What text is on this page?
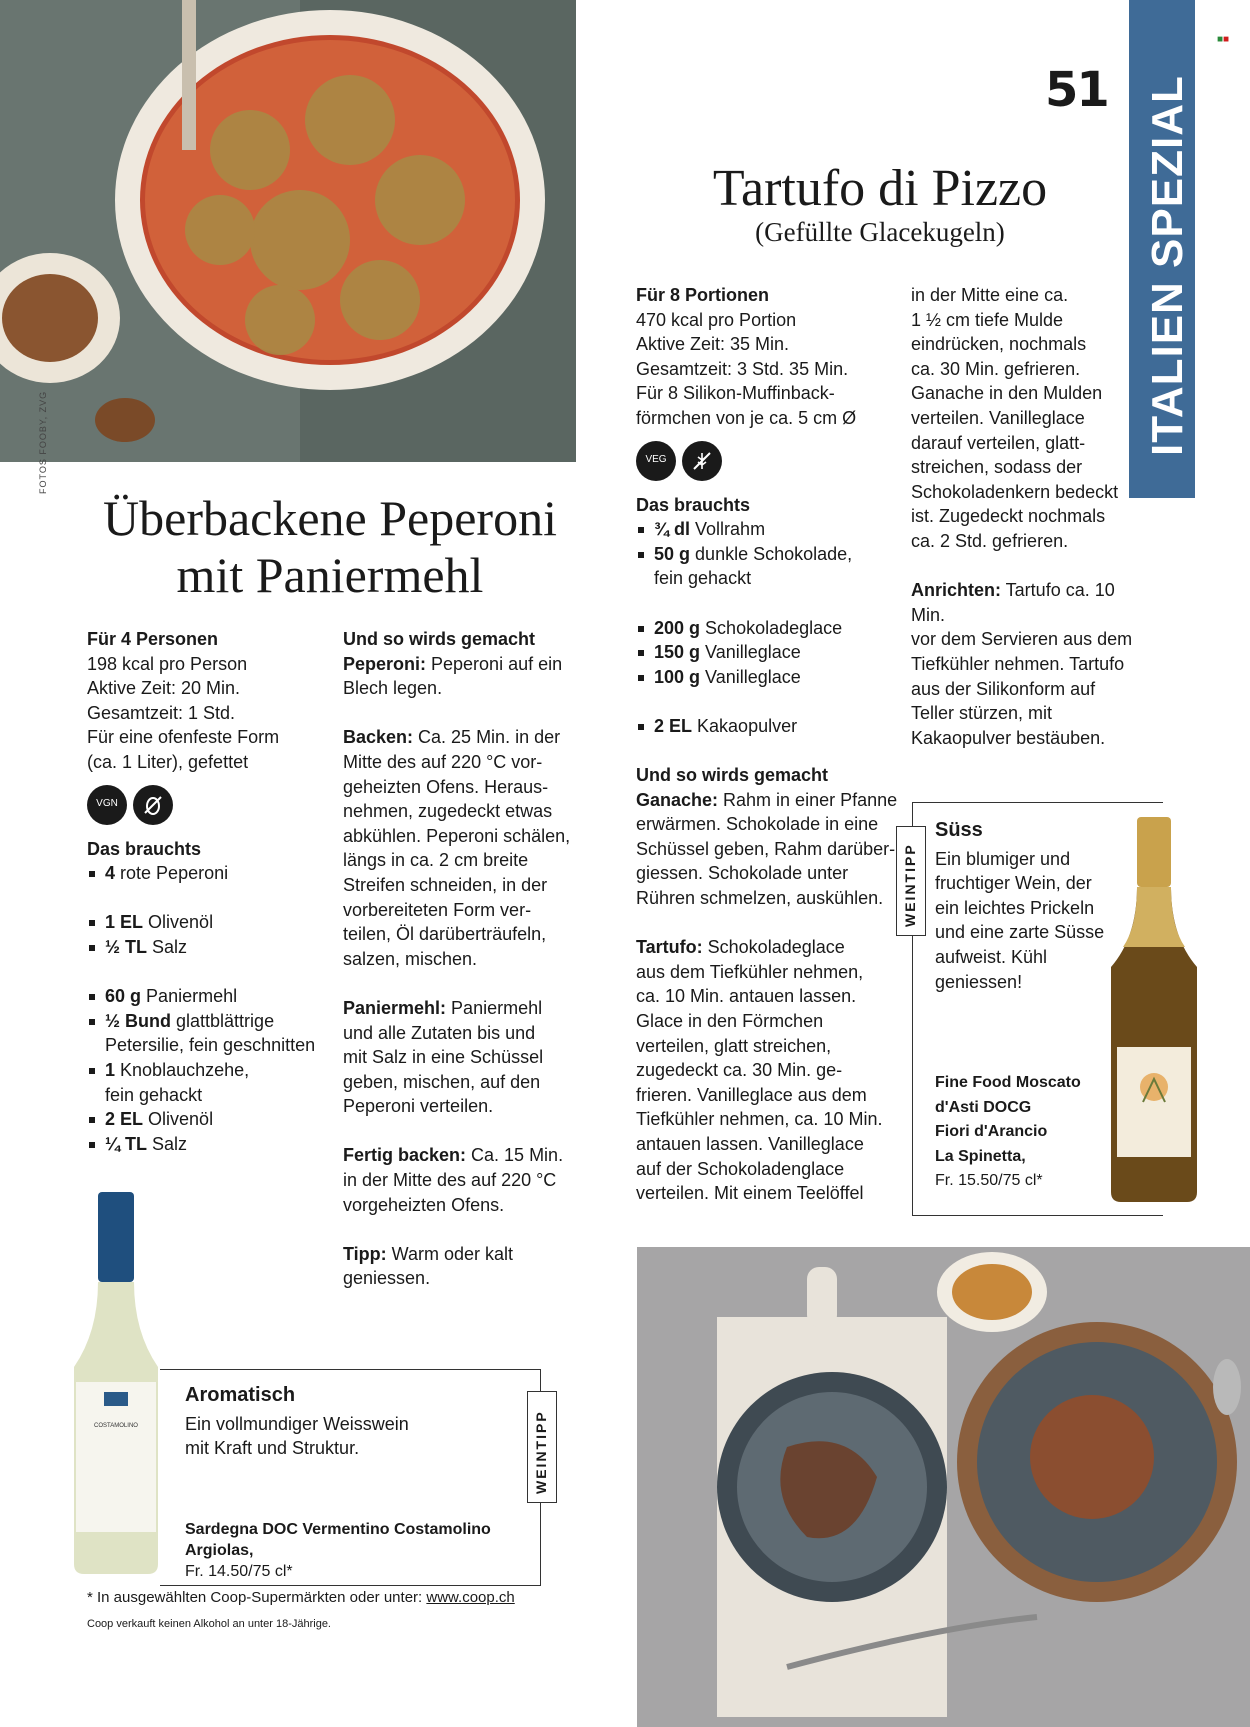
ITALIEN SPEZIAL
■■
51
Tartufo di Pizzo
(Gefüllte Glacekugeln)
FOTOS FOOBY, ZVG
Überbackene Peperoni
mit Paniermehl

Für 4 Personen

198 kcal pro Person

Aktive Zeit: 20 Min.

Gesamtzeit: 1 Std.

Für eine ofenfeste Form

(ca. 1 Liter), gefettet

VGN

Das brauchts

4 rote Peperoni

1 EL Olivenöl

½ TL Salz

60 g Paniermehl

½ Bund glattblättrige
Petersilie, fein geschnitten

1 Knoblauchzehe,
fein gehackt

2 EL Olivenöl

¼ TL Salz

Und so wirds gemacht

Peperoni: Peperoni auf ein
Blech legen.

Backen: Ca. 25 Min. in der
Mitte des auf 220 °C vor-
geheizten Ofens. Heraus-
nehmen, zugedeckt etwas
abkühlen. Peperoni schälen,
längs in ca. 2 cm breite
Streifen schneiden, in der
vorbereiteten Form ver-
teilen, Öl darüberträufeln,
salzen, mischen.

Paniermehl: Paniermehl
und alle Zutaten bis und
mit Salz in eine Schüssel
geben, mischen, auf den
Peperoni verteilen.

Fertig backen: Ca. 15 Min.
in der Mitte des auf 220 °C
vorgeheizten Ofens.

Tipp: Warm oder kalt
geniessen.

Für 8 Portionen

470 kcal pro Portion

Aktive Zeit: 35 Min.

Gesamtzeit: 3 Std. 35 Min.

Für 8 Silikon-Muffinback-

förmchen von je ca. 5 cm Ø

VEG

Das brauchts

¾ dl Vollrahm

50 g dunkle Schokolade,
fein gehackt

200 g Schokoladeglace

150 g Vanilleglace

100 g Vanilleglace

2 EL Kakaopulver

Und so wirds gemacht

Ganache: Rahm in einer Pfanne
erwärmen. Schokolade in eine
Schüssel geben, Rahm darüber-
giessen. Schokolade unter
Rühren schmelzen, auskühlen.

Tartufo: Schokoladeglace
aus dem Tiefkühler nehmen,
ca. 10 Min. antauen lassen.
Glace in den Förmchen
verteilen, glatt streichen,
zugedeckt ca. 30 Min. ge-
frieren. Vanilleglace aus dem
Tiefkühler nehmen, ca. 10 Min.
antauen lassen. Vanilleglace
auf der Schokoladenglace
verteilen. Mit einem Teelöffel

in der Mitte eine ca.

1 ½ cm tiefe Mulde

eindrücken, nochmals

ca. 30 Min. gefrieren.

Ganache in den Mulden

verteilen. Vanilleglace

darauf verteilen, glatt-

streichen, sodass der

Schokoladenkern bedeckt

ist. Zugedeckt nochmals

ca. 2 Std. gefrieren.

Anrichten: Tartufo ca. 10 Min.
vor dem Servieren aus dem
Tiefkühler nehmen. Tartufo
aus der Silikonform auf
Teller stürzen, mit
Kakaopulver bestäuben.

WEINTIPP

Süss

Ein blumiger und

fruchtiger Wein, der

ein leichtes Prickeln

und eine zarte Süsse

aufweist. Kühl

geniessen!

Fine Food Moscato

d'Asti DOCG

Fiori d'Arancio

La Spinetta,

Fr. 15.50/75 cl*

WEINTIPP

Aromatisch

Ein vollmundiger Weisswein

mit Kraft und Struktur.

Sardegna DOC Vermentino Costamolino Argiolas,

Fr. 14.50/75 cl*

COSTAMOLINO
* In ausgewählten Coop-Supermärkten oder unter: www.coop.ch
Coop verkauft keinen Alkohol an unter 18-Jährige.
